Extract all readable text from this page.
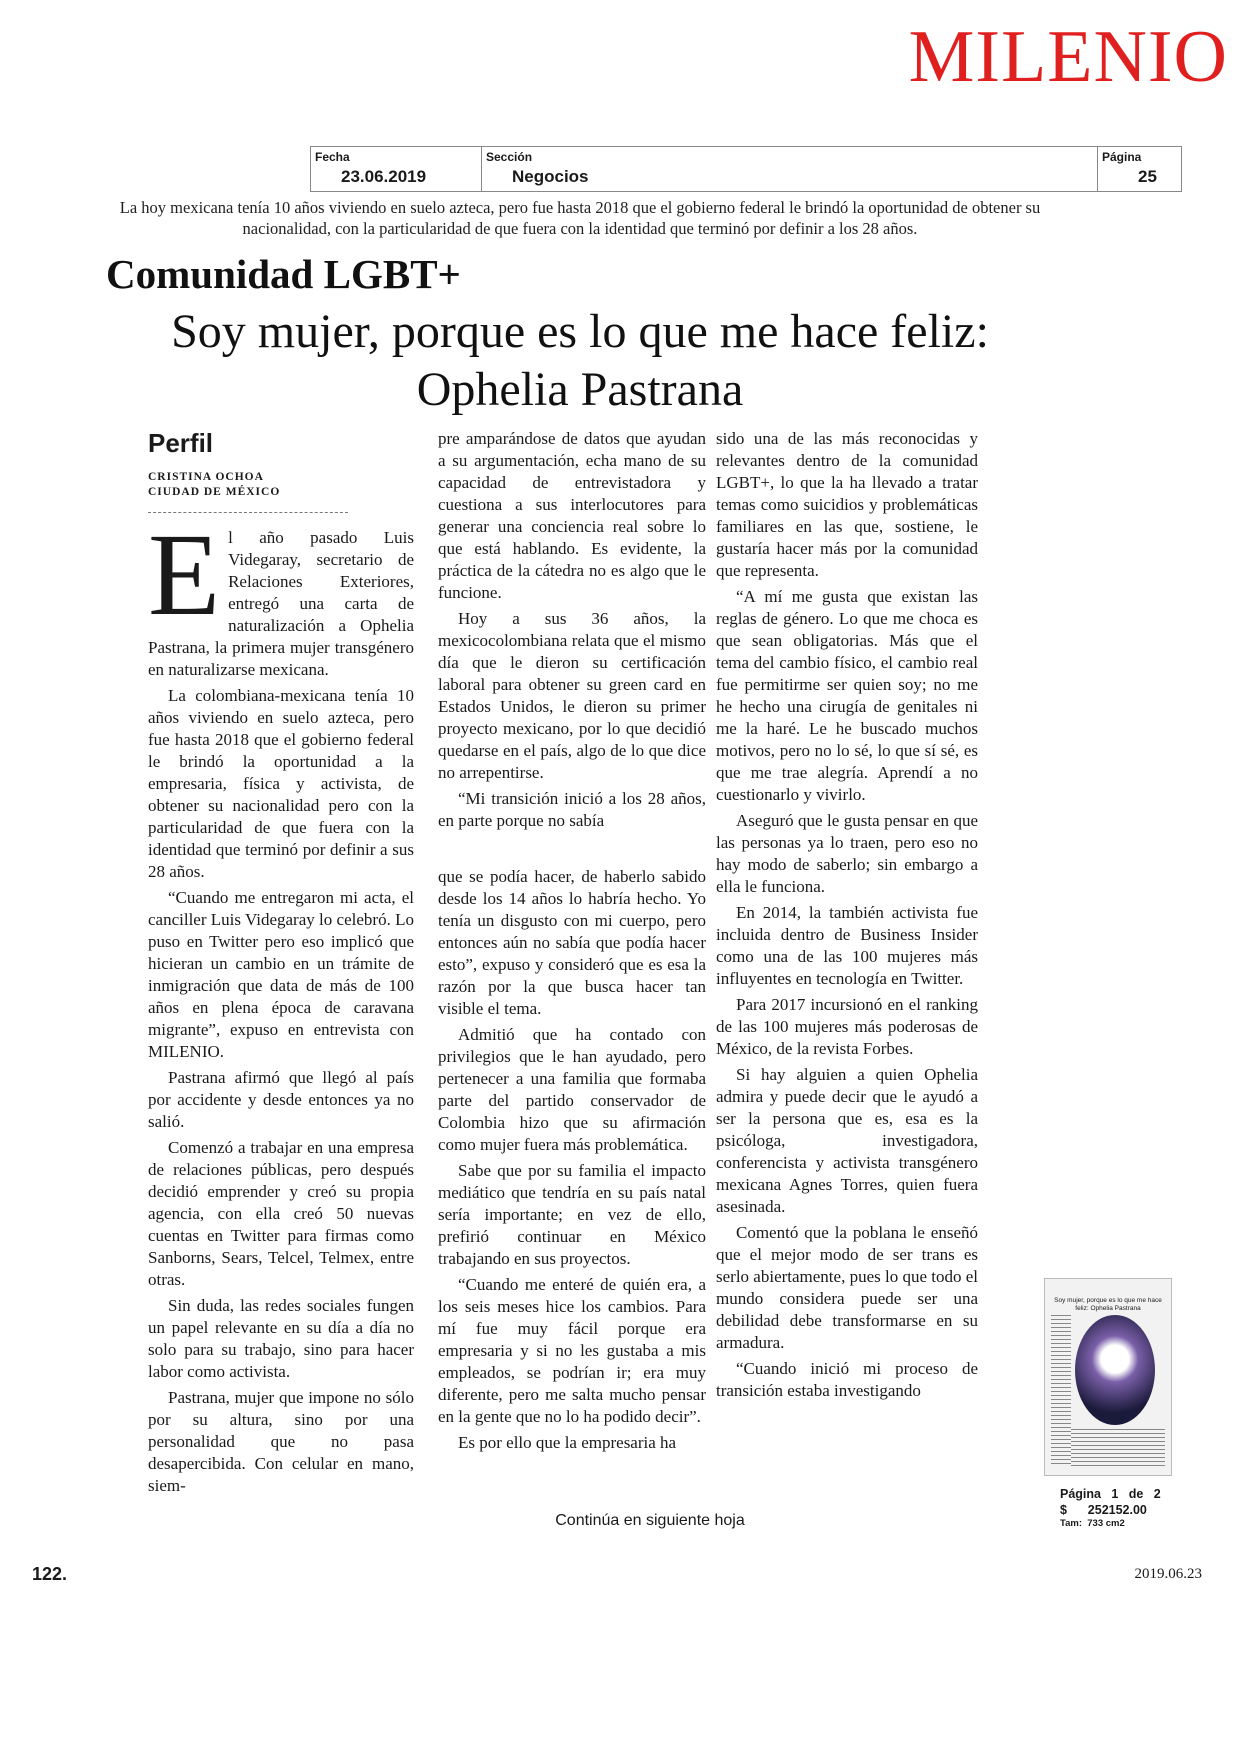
MILENIO
Fecha
23.06.2019
Sección
Negocios
Página
25
La hoy mexicana tenía 10 años viviendo en suelo azteca, pero fue hasta 2018 que el gobierno federal le brindó la oportunidad de obtener su nacionalidad, con la particularidad de que fuera con la identidad que terminó por definir a los 28 años.
Comunidad LGBT+
Soy mujer, porque es lo que me hace feliz:
Ophelia Pastrana
Perfil
CRISTINA OCHOA
CIUDAD DE MÉXICO

El año pasado Luis Videgaray, secretario de Relaciones Exteriores, entregó una carta de naturalización a Ophelia Pastrana, la primera mujer transgénero en naturalizarse mexicana.

La colombiana-mexicana tenía 10 años viviendo en suelo azteca, pero fue hasta 2018 que el gobierno federal le brindó la oportunidad a la empresaria, física y activista, de obtener su nacionalidad pero con la particularidad de que fuera con la identidad que terminó por definir a sus 28 años.

“Cuando me entregaron mi acta, el canciller Luis Videgaray lo celebró. Lo puso en Twitter pero eso implicó que hicieran un cambio en un trámite de inmigración que data de más de 100 años en plena época de caravana migrante”, expuso en entrevista con MILENIO.

Pastrana afirmó que llegó al país por accidente y desde entonces ya no salió.

Comenzó a trabajar en una empresa de relaciones públicas, pero después decidió emprender y creó su propia agencia, con ella creó 50 nuevas cuentas en Twitter para firmas como Sanborns, Sears, Telcel, Telmex, entre otras.

Sin duda, las redes sociales fungen un papel relevante en su día a día no solo para su trabajo, sino para hacer labor como activista.

Pastrana, mujer que impone no sólo por su altura, sino por una personalidad que no pasa desapercibida. Con celular en mano, siem-

pre amparándose de datos que ayudan a su argumentación, echa mano de su capacidad de entrevistadora y cuestiona a sus interlocutores para generar una conciencia real sobre lo que está hablando. Es evidente, la práctica de la cátedra no es algo que le funcione.

Hoy a sus 36 años, la mexicocolombiana relata que el mismo día que le dieron su certificación laboral para obtener su green card en Estados Unidos, le dieron su primer proyecto mexicano, por lo que decidió quedarse en el país, algo de lo que dice no arrepentirse.

“Mi transición inició a los 28 años, en parte porque no sabía

que se podía hacer, de haberlo sabido desde los 14 años lo habría hecho. Yo tenía un disgusto con mi cuerpo, pero entonces aún no sabía que podía hacer esto”, expuso y consideró que es esa la razón por la que busca hacer tan visible el tema.

Admitió que ha contado con privilegios que le han ayudado, pero pertenecer a una familia que formaba parte del partido conservador de Colombia hizo que su afirmación como mujer fuera más problemática.

Sabe que por su familia el impacto mediático que tendría en su país natal sería importante; en vez de ello, prefirió continuar en México trabajando en sus proyectos.

“Cuando me enteré de quién era, a los seis meses hice los cambios. Para mí fue muy fácil porque era empresaria y si no les gustaba a mis empleados, se podrían ir; era muy diferente, pero me salta mucho pensar en la gente que no lo ha podido decir”.

Es por ello que la empresaria ha

sido una de las más reconocidas y relevantes dentro de la comunidad LGBT+, lo que la ha llevado a tratar temas como suicidios y problemáticas familiares en las que, sostiene, le gustaría hacer más por la comunidad que representa.

“A mí me gusta que existan las reglas de género. Lo que me choca es que sean obligatorias. Más que el tema del cambio físico, el cambio real fue permitirme ser quien soy; no me he hecho una cirugía de genitales ni me la haré. Le he buscado muchos motivos, pero no lo sé, lo que sí sé, es que me trae alegría. Aprendí a no cuestionarlo y vivirlo.

Aseguró que le gusta pensar en que las personas ya lo traen, pero eso no hay modo de saberlo; sin embargo a ella le funciona.

En 2014, la también activista fue incluida dentro de Business Insider como una de las 100 mujeres más influyentes en tecnología en Twitter.

Para 2017 incursionó en el ranking de las 100 mujeres más poderosas de México, de la revista Forbes.

Si hay alguien a quien Ophelia admira y puede decir que le ayudó a ser la persona que es, esa es la psicóloga, investigadora, conferencista y activista transgénero mexicana Agnes Torres, quien fuera asesinada.

Comentó que la poblana le enseñó que el mejor modo de ser trans es serlo abiertamente, pues lo que todo el mundo considera puede ser una debilidad debe transformarse en su armadura.

“Cuando inició mi proceso de transición estaba investigando

Soy mujer, porque es lo que me hace feliz: Ophelia Pastrana
Página   1   de   2
$      252152.00
Tam:  733 cm2
Continúa en siguiente hoja
122.	2019.06.23
